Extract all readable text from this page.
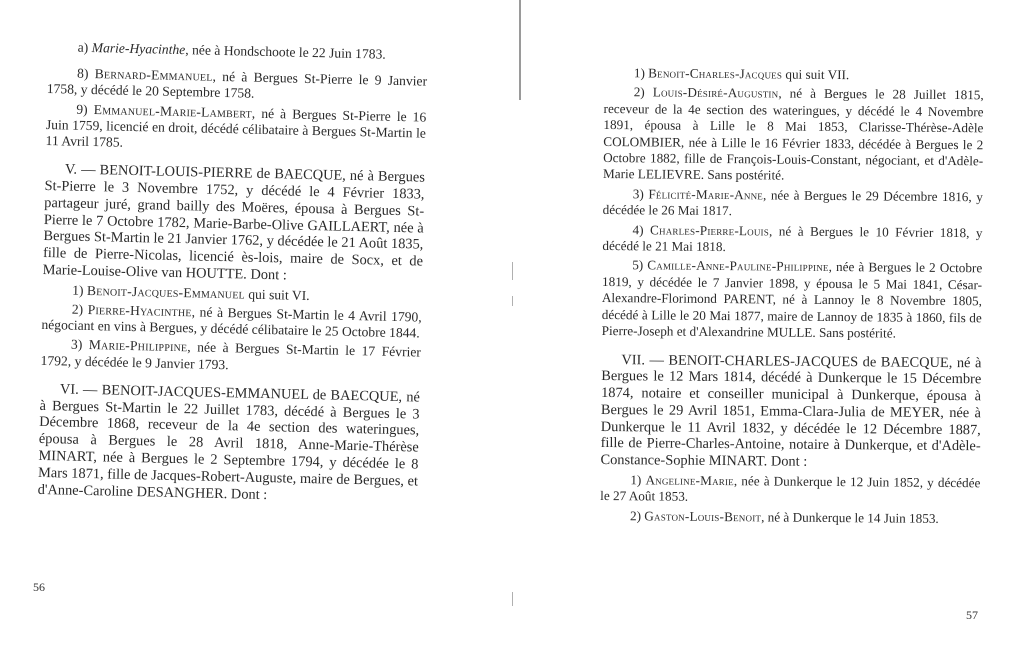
a) Marie-Hyacinthe, née à Hondschoote le 22 Juin 1783.

8) Bernard-Emmanuel, né à Bergues St-Pierre le 9 Janvier 1758, y décédé le 20 Septembre 1758.

9) Emmanuel-Marie-Lambert, né à Bergues St-Pierre le 16 Juin 1759, licencié en droit, décédé célibataire à Bergues St-Martin le 11 Avril 1785.

V. — BENOIT-LOUIS-PIERRE de BAECQUE, né à Bergues St-Pierre le 3 Novembre 1752, y décédé le 4 Février 1833, partageur juré, grand bailly des Moëres, épousa à Bergues St-Pierre le 7 Octobre 1782, Marie-Barbe-Olive GAILLAERT, née à Bergues St-Martin le 21 Janvier 1762, y décédée le 21 Août 1835, fille de Pierre-Nicolas, licencié ès-lois, maire de Socx, et de Marie-Louise-Olive van HOUTTE. Dont :

1) Benoit-Jacques-Emmanuel qui suit VI.

2) Pierre-Hyacinthe, né à Bergues St-Martin le 4 Avril 1790, négociant en vins à Bergues, y décédé célibataire le 25 Octobre 1844.

3) Marie-Philippine, née à Bergues St-Martin le 17 Février 1792, y décédée le 9 Janvier 1793.

VI. — BENOIT-JACQUES-EMMANUEL de BAECQUE, né à Bergues St-Martin le 22 Juillet 1783, décédé à Bergues le 3 Décembre 1868, receveur de la 4e section des wateringues, épousa à Bergues le 28 Avril 1818, Anne-Marie-Thérèse MINART, née à Bergues le 2 Septembre 1794, y décédée le 8 Mars 1871, fille de Jacques-Robert-Auguste, maire de Bergues, et d'Anne-Caroline DESANGHER. Dont :

56

1) Benoit-Charles-Jacques qui suit VII.

2) Louis-Désiré-Augustin, né à Bergues le 28 Juillet 1815, receveur de la 4e section des wateringues, y décédé le 4 Novembre 1891, épousa à Lille le 8 Mai 1853, Clarisse-Thérèse-Adèle COLOMBIER, née à Lille le 16 Février 1833, décédée à Bergues le 2 Octobre 1882, fille de François-Louis-Constant, négociant, et d'Adèle-Marie LELIEVRE. Sans postérité.

3) Félicité-Marie-Anne, née à Bergues le 29 Décembre 1816, y décédée le 26 Mai 1817.

4) Charles-Pierre-Louis, né à Bergues le 10 Février 1818, y décédé le 21 Mai 1818.

5) Camille-Anne-Pauline-Philippine, née à Bergues le 2 Octobre 1819, y décédée le 7 Janvier 1898, y épousa le 5 Mai 1841, César-Alexandre-Florimond PARENT, né à Lannoy le 8 Novembre 1805, décédé à Lille le 20 Mai 1877, maire de Lannoy de 1835 à 1860, fils de Pierre-Joseph et d'Alexandrine MULLE. Sans postérité.

VII. — BENOIT-CHARLES-JACQUES de BAECQUE, né à Bergues le 12 Mars 1814, décédé à Dunkerque le 15 Décembre 1874, notaire et conseiller municipal à Dunkerque, épousa à Bergues le 29 Avril 1851, Emma-Clara-Julia de MEYER, née à Dunkerque le 11 Avril 1832, y décédée le 12 Décembre 1887, fille de Pierre-Charles-Antoine, notaire à Dunkerque, et d'Adèle-Constance-Sophie MINART. Dont :

1) Angeline-Marie, née à Dunkerque le 12 Juin 1852, y décédée le 27 Août 1853.

2) Gaston-Louis-Benoit, né à Dunkerque le 14 Juin 1853.

57
